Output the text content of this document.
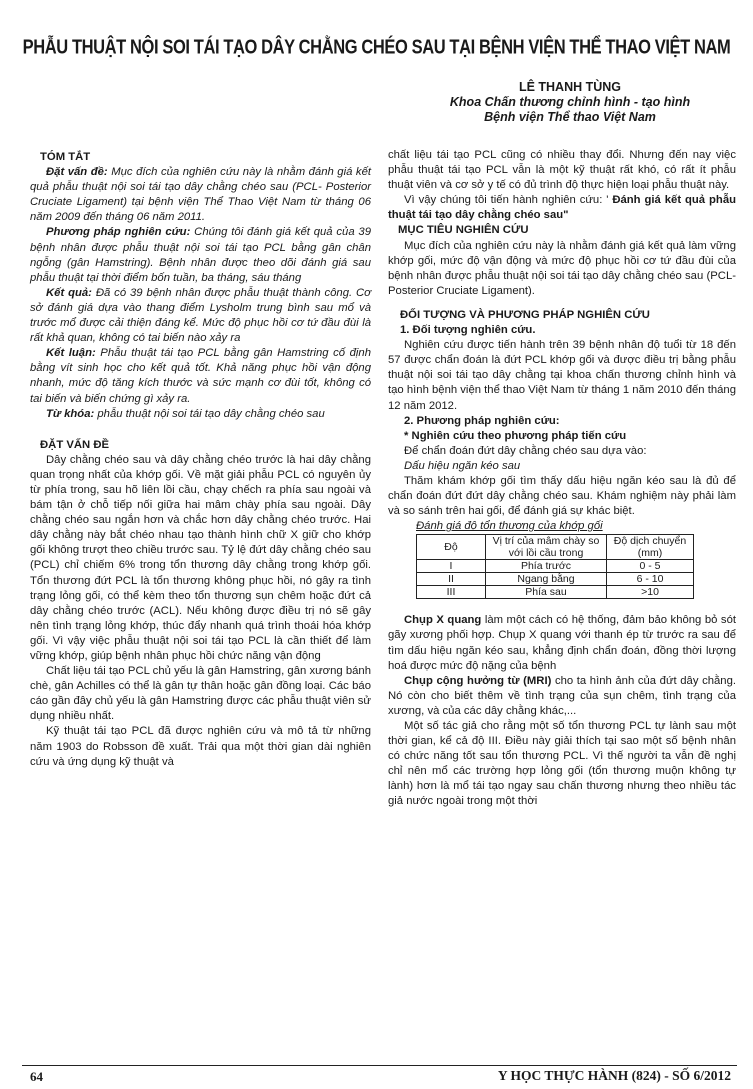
PHẪU THUẬT NỘI SOI TÁI TẠO DÂY CHẰNG CHÉO SAU TẠI BỆNH VIỆN THỂ THAO VIỆT NAM
LÊ THANH TÙNG
Khoa Chấn thương chỉnh hình - tạo hình
Bệnh viện Thể thao Việt Nam

TÓM TẮT

Đặt vấn đề: Mục đích của nghiên cứu này là nhằm đánh giá kết quả phẫu thuật nội soi tái tạo dây chằng chéo sau (PCL- Posterior Cruciate Ligament) tại bệnh viện Thể Thao Việt Nam từ tháng 06 năm 2009 đến tháng 06 năm 2011.

Phương pháp nghiên cứu: Chúng tôi đánh giá kết quả của 39 bệnh nhân được phẫu thuật nội soi tái tạo PCL bằng gân chân ngỗng (gân Hamstring). Bệnh nhân được theo dõi đánh giá sau phẫu thuật tại thời điểm bốn tuần, ba tháng, sáu tháng

Kết quả: Đã có 39 bệnh nhân được phẫu thuật thành công. Cơ sở đánh giá dựa vào thang điểm Lysholm trung bình sau mổ và trước mổ được cải thiện đáng kể. Mức độ phục hồi cơ tứ đầu đùi là rất khả quan, không có tai biến nào xảy ra

Kết luận: Phẫu thuật tái tạo PCL bằng gân Hamstring cố định bằng vít sinh học cho kết quả tốt. Khả năng phục hồi vận động nhanh, mức độ tăng kích thước và sức mạnh cơ đùi tốt, không có tai biến và biến chứng gì xảy ra.

Từ khóa: phẫu thuật nội soi tái tạo dây chằng chéo sau

ĐẶT VẤN ĐỀ

Dây chằng chéo sau và dây chằng chéo trước là hai dây chằng quan trọng nhất của khớp gối. Về mặt giải phẫu PCL có nguyên ủy từ phía trong, sau hõ liên lồi cầu, chạy chếch ra phía sau ngoài và bám tận ở chỗ tiếp nối giữa hai mâm chày phía sau ngoài. Dây chằng chéo sau ngắn hơn và chắc hơn dây chằng chéo trước. Hai dây chằng này bắt chéo nhau tạo thành hình chữ X giữ cho khớp gối không trượt theo chiều trước sau. Tỷ lệ đứt dây chằng chéo sau (PCL) chỉ chiếm 6% trong tổn thương dây chằng trong khớp gối. Tổn thương đứt PCL là tổn thương không phục hồi, nó gây ra tình trạng lỏng gối, có thể kèm theo tổn thương sụn chêm hoặc đứt cả dây chằng chéo trước (ACL). Nếu không được điều trị nó sẽ gây nên tình trạng lỏng khớp, thúc đẩy nhanh quá trình thoái hóa khớp gối. Vì vậy việc phẫu thuật nội soi tái tạo PCL là cần thiết để làm vững khớp, giúp bệnh nhân phục hồi chức năng vận động

Chất liệu tái tạo PCL chủ yếu là gân Hamstring, gân xương bánh chè, gân Achilles có thể là gân tự thân hoặc gân đồng loại. Các báo cáo gần đây chủ yếu là gân Hamstring được các phẫu thuật viên sử dụng nhiều nhất.

Kỹ thuật tái tạo PCL đã được nghiên cứu và mô tả từ những năm 1903 do Robsson đề xuất. Trải qua một thời gian dài nghiên cứu và ứng dụng kỹ thuật và

chất liệu tái tạo PCL cũng có nhiều thay đổi. Nhưng đến nay việc phẫu thuật tái tạo PCL vẫn là một kỹ thuật rất khó, có rất ít phẫu thuật viên và cơ sở y tế có đủ trình độ thực hiện loại phẫu thuật này.

Vì vậy chúng tôi tiến hành nghiên cứu: ' Đánh giá kết quả phẫu thuật tái tạo dây chằng chéo sau"

MỤC TIÊU NGHIÊN CỨU

Mục đích của nghiên cứu này là nhằm đánh giá kết quả làm vững khớp gối, mức độ vận động và mức độ phục hồi cơ tứ đầu đùi của bệnh nhân được phẫu thuật nội soi tái tạo dây chằng chéo sau (PCL- Posterior Cruciate Ligament).

ĐỐI TƯỢNG VÀ PHƯƠNG PHÁP NGHIÊN CỨU

1. Đối tượng nghiên cứu.

Nghiên cứu được tiến hành trên 39 bệnh nhân độ tuổi từ 18 đến 57 được chẩn đoán là đứt PCL khớp gối và được điều trị bằng phẫu thuật nội soi tái tạo dây chằng tại khoa chấn thương chỉnh hình và tạo hình bệnh viện thể thao Việt Nam từ tháng 1 năm 2010 đến tháng 12 năm 2012.

2. Phương pháp nghiên cứu:

* Nghiên cứu theo phương pháp tiến cứu

Để chẩn đoán đứt dây chằng chéo sau dựa vào:

Dấu hiệu ngăn kéo sau

Thăm khám khớp gối tìm thấy dấu hiệu ngăn kéo sau là đủ để chẩn đoán đứt đứt dây chằng chéo sau. Khám nghiệm này phải làm và so sánh trên hai gối, để đánh giá sự khác biệt.

Đánh giá độ tổn thương của khớp gối

Độ	Vị trí của mâm chày so với lồi cầu trong	Độ dịch chuyển (mm)
I	Phía trước	0 - 5
II	Ngang bằng	6 - 10
III	Phía sau	>10

Chụp X quang làm một cách có hệ thống, đảm bảo không bỏ sót gãy xương phối hợp. Chụp X quang với thanh ép từ trước ra sau để tìm dấu hiệu ngăn kéo sau, khẳng định chẩn đoán, đồng thời lượng hoá được mức độ nặng của bệnh

Chụp cộng hưởng từ (MRI) cho ta hình ảnh của đứt dây chằng. Nó còn cho biết thêm về tình trạng của sụn chêm, tình trạng của xương, và của các dây chằng khác,...

Một số tác giả cho rằng một số tổn thương PCL tự lành sau một thời gian, kể cả độ III. Điều này giải thích tại sao một số bệnh nhân có chức năng tốt sau tổn thương PCL. Vì thế người ta vẫn đề nghị chỉ nên mổ các trường hợp lỏng gối (tổn thương muộn không tự lành) hơn là mổ tái tạo ngay sau chấn thương nhưng theo nhiều tác giả nước ngoài trong một thời

64	Y HỌC THỰC HÀNH (824) - SỐ 6/2012
